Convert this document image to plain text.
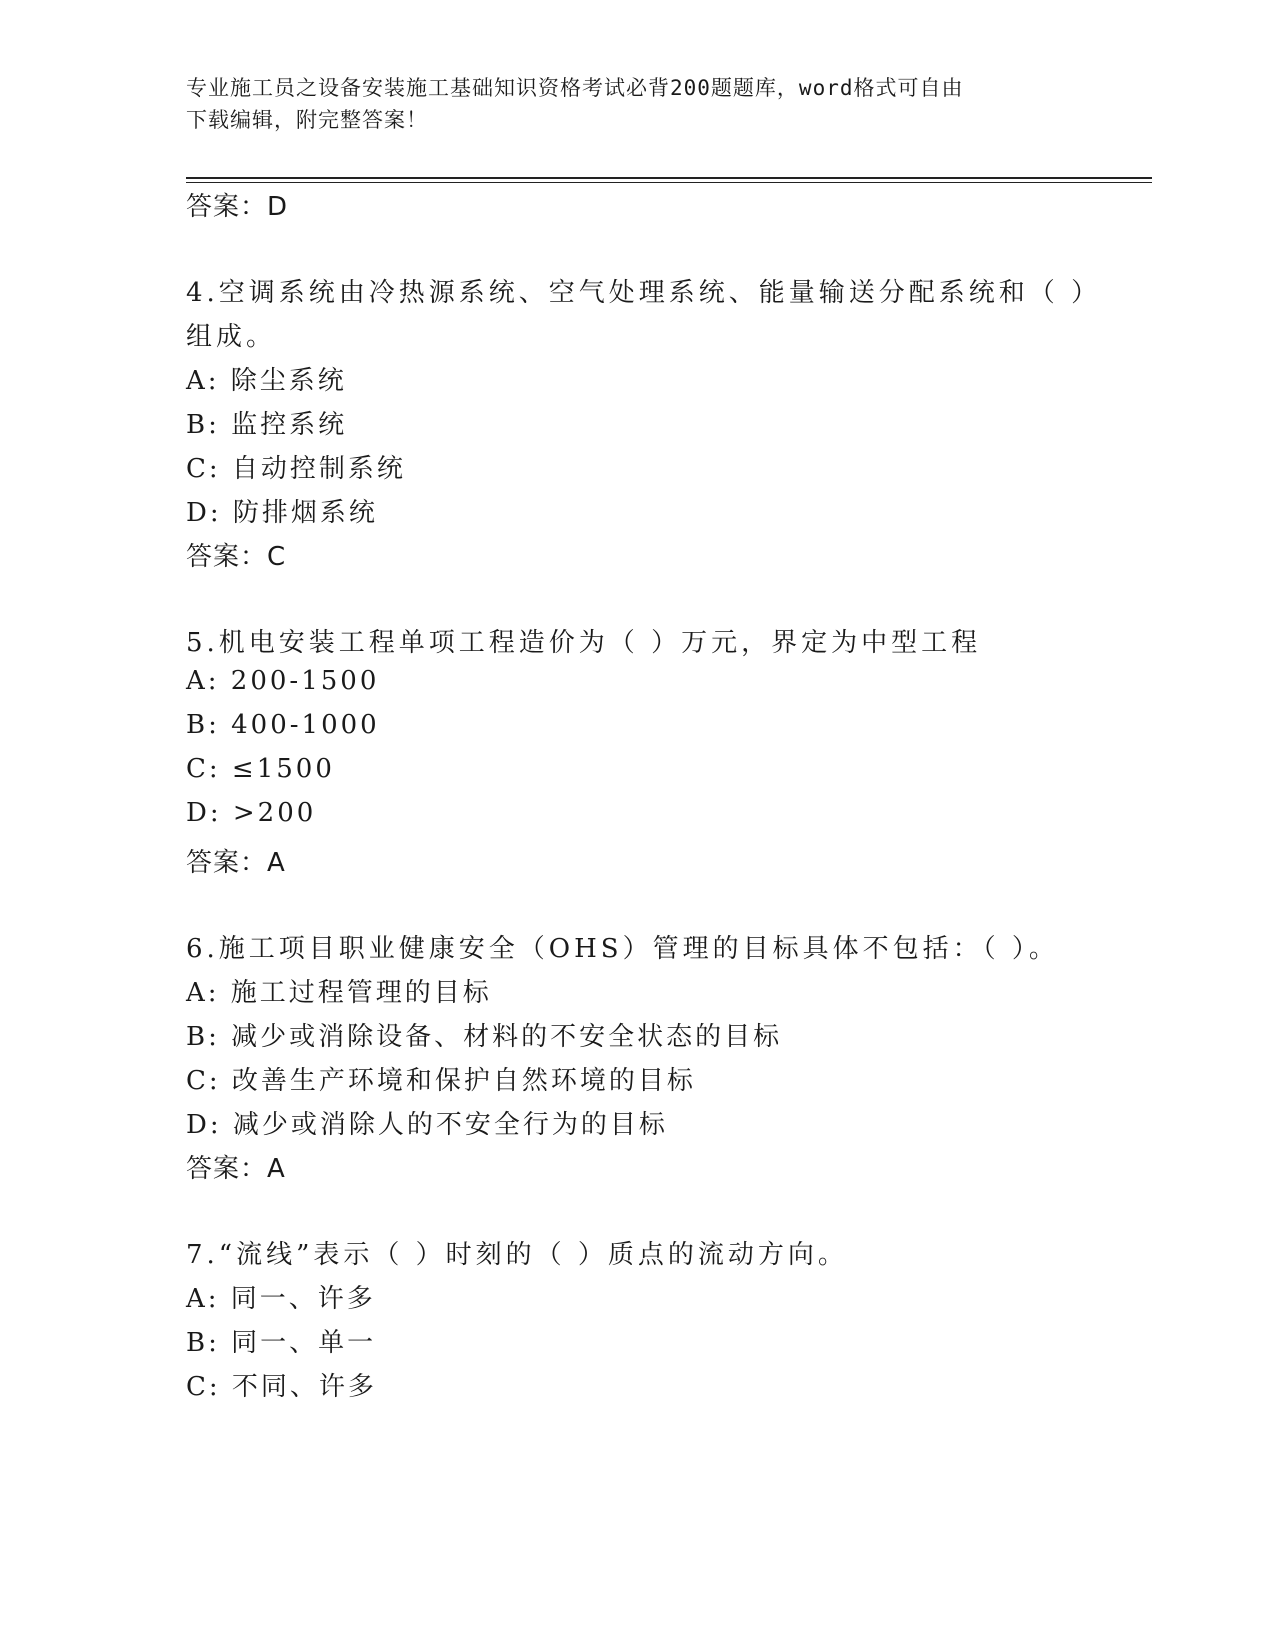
专业施工员之设备安装施工基础知识资格考试必背200题题库，word格式可自由
下载编辑，附完整答案！
答案：D
4.空调系统由冷热源系统、空气处理系统、能量输送分配系统和（ ）
组成。
A: 除尘系统
B: 监控系统
C: 自动控制系统
D: 防排烟系统
答案：C
5.机电安装工程单项工程造价为（ ）万元，界定为中型工程
A: 200-1500
B: 400-1000
C: ≤1500
D: >200
答案：A
6.施工项目职业健康安全（OHS）管理的目标具体不包括：（ ）。
A: 施工过程管理的目标
B: 减少或消除设备、材料的不安全状态的目标
C: 改善生产环境和保护自然环境的目标
D: 减少或消除人的不安全行为的目标
答案：A
7.“流线”表示（ ）时刻的（ ）质点的流动方向。
A: 同一、许多
B: 同一、单一
C: 不同、许多
